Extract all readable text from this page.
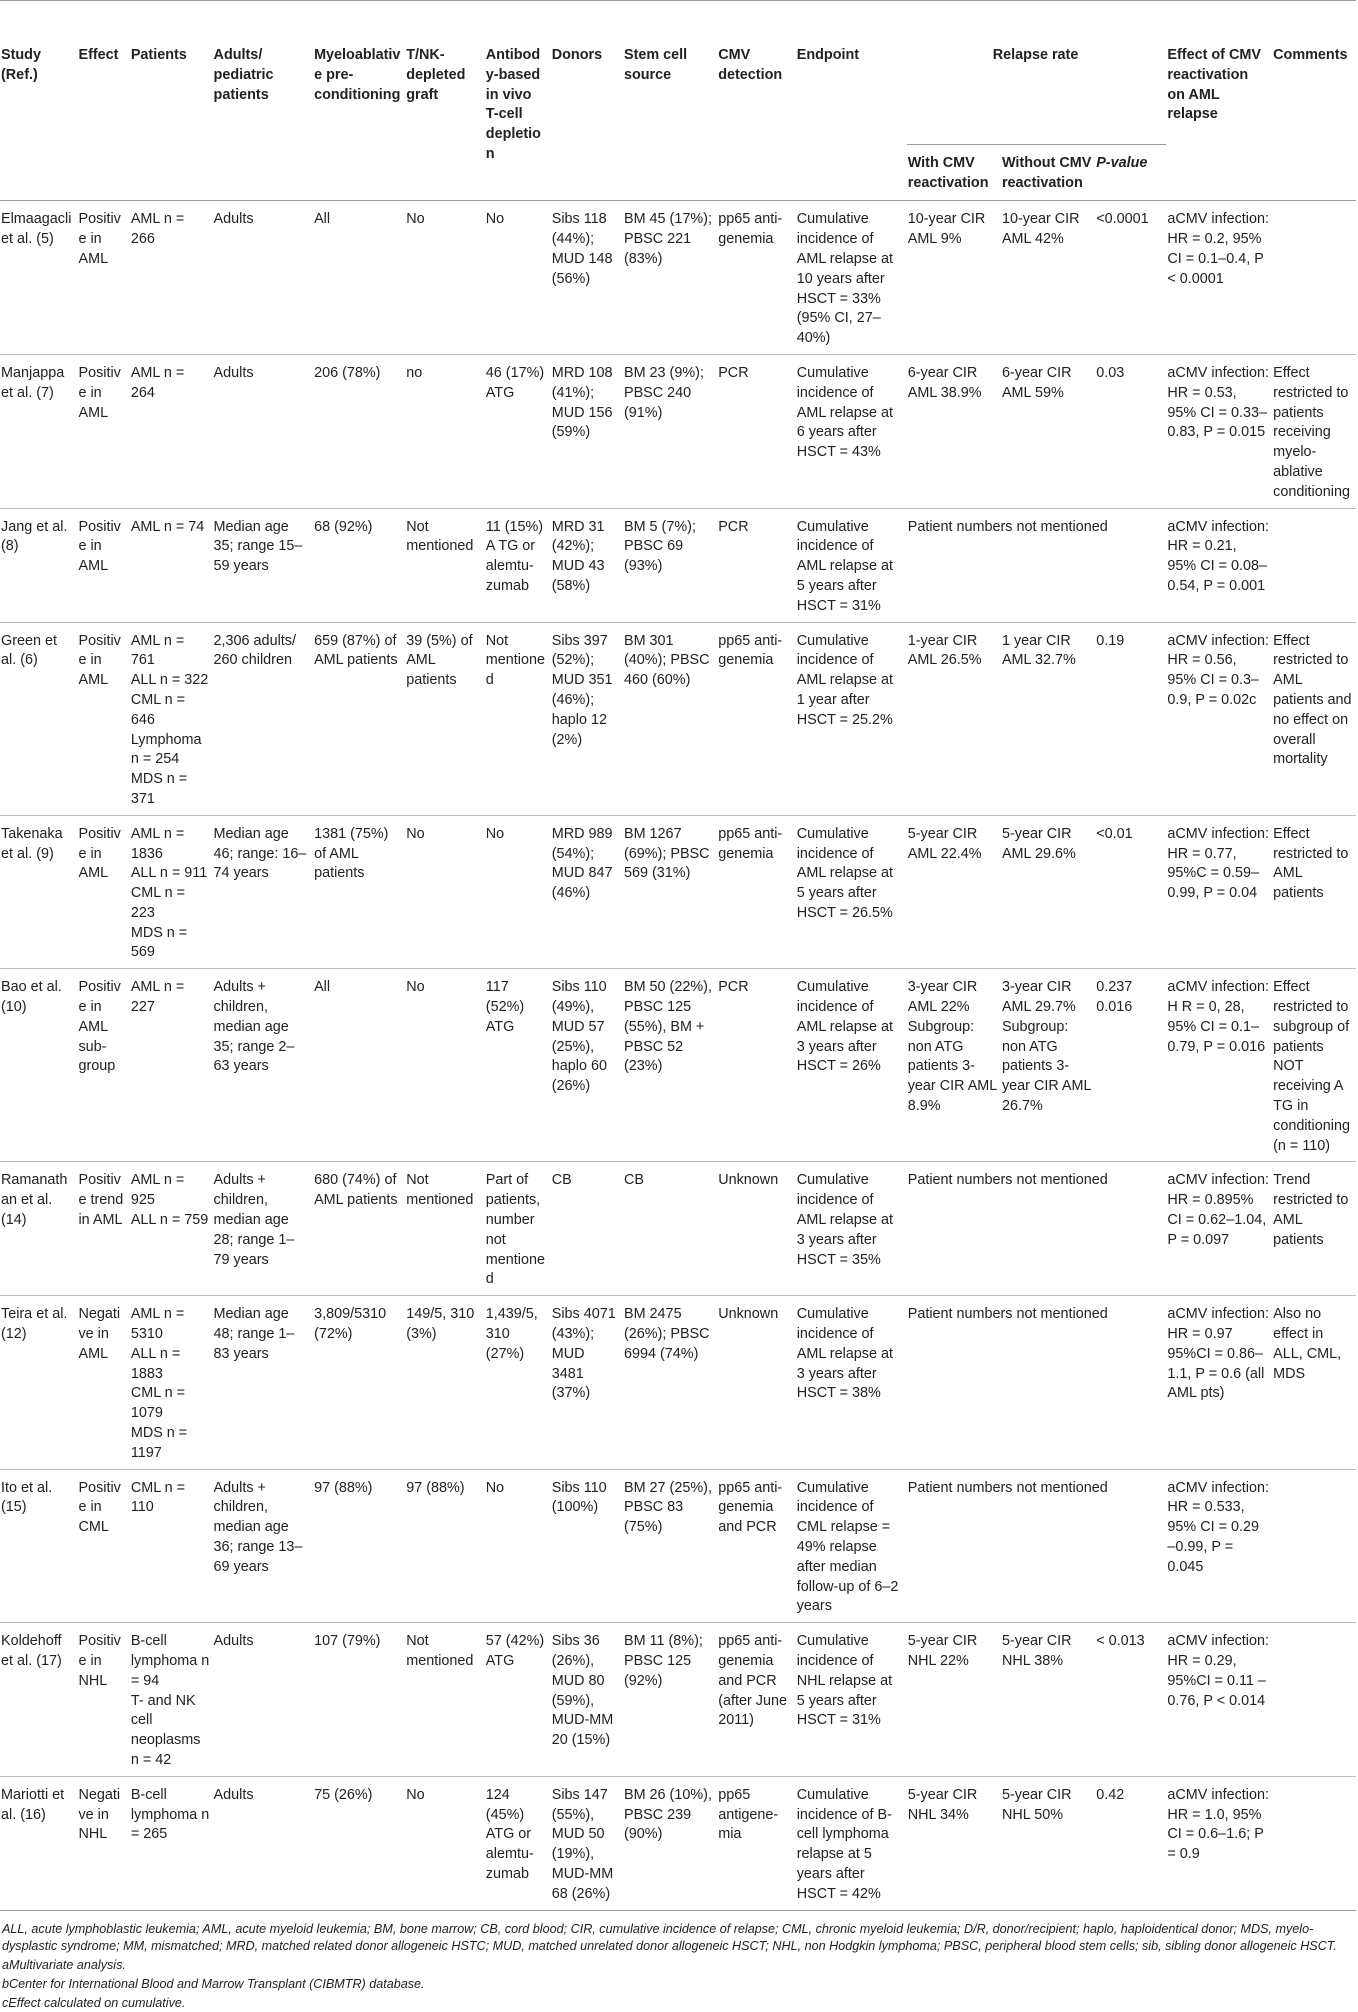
Study (Ref.)	Effect	Patients	Adults/ pediatric patients	Myeloablative pre-conditioning	T/NK-depleted graft	Antibody-based in vivo T-cell depletion	Donors	Stem cell source	CMV detection	Endpoint	Relapse rate			Effect of CMV reactivation on AML relapse	Comments
											With CMV reactivation	Without CMV reactivation	P-value		
Elmaagacli et al. (5)	Positive in AML	AML n = 266	Adults	All	No	No	Sibs 118 (44%); MUD 148 (56%)	BM 45 (17%); PBSC 221 (83%)	pp65 anti-genemia	Cumulative incidence of AML relapse at 10 years after HSCT = 33% (95% CI, 27–40%)	10-year CIR AML 9%	10-year CIR AML 42%	<0.0001	aCMV infection: HR = 0.2, 95% CI = 0.1–0.4, P < 0.0001	
Manjappa et al. (7)	Positive in AML	AML n = 264	Adults	206 (78%)	no	46 (17%) ATG	MRD 108 (41%); MUD 156 (59%)	BM 23 (9%); PBSC 240 (91%)	PCR	Cumulative incidence of AML relapse at 6 years after HSCT = 43%	6-year CIR AML 38.9%	6-year CIR AML 59%	0.03	aCMV infection: HR = 0.53, 95% CI = 0.33–0.83, P = 0.015	Effect restricted to patients receiving myelo-ablative conditioning
Jang et al. (8)	Positive in AML	AML n = 74	Median age 35; range 15–59 years	68 (92%)	Not mentioned	11 (15%) A TG or alemtu-zumab	MRD 31 (42%); MUD 43 (58%)	BM 5 (7%); PBSC 69 (93%)	PCR	Cumulative incidence of AML relapse at 5 years after HSCT = 31%	Patient numbers not mentioned			aCMV infection: HR = 0.21, 95% CI = 0.08–0.54, P = 0.001	
Green et al. (6)	Positive in AML	AML n = 761
ALL n = 322
CML n = 646
Lymphoma n = 254
MDS n = 371	2,306 adults/ 260 children	659 (87%) of AML patients	39 (5%) of AML patients	Not mentioned	Sibs 397 (52%); MUD 351 (46%); haplo 12 (2%)	BM 301 (40%); PBSC 460 (60%)	pp65 anti-genemia	Cumulative incidence of AML relapse at 1 year after HSCT = 25.2%	1-year CIR AML 26.5%	1 year CIR AML 32.7%	0.19	aCMV infection: HR = 0.56, 95% CI = 0.3–0.9, P = 0.02c	Effect restricted to AML patients and no effect on overall mortality
Takenaka et al. (9)	Positive in AML	AML n = 1836
ALL n = 911
CML n = 223
MDS n = 569	Median age 46; range: 16–74 years	1381 (75%) of AML patients	No	No	MRD 989 (54%); MUD 847 (46%)	BM 1267 (69%); PBSC 569 (31%)	pp65 anti-genemia	Cumulative incidence of AML relapse at 5 years after HSCT = 26.5%	5-year CIR AML 22.4%	5-year CIR AML 29.6%	<0.01	aCMV infection: HR = 0.77, 95%C = 0.59–0.99, P = 0.04	Effect restricted to AML patients
Bao et al. (10)	Positive in AML sub-group	AML n = 227	Adults + children, median age 35; range 2–63 years	All	No	117 (52%) ATG	Sibs 110 (49%), MUD 57 (25%), haplo 60 (26%)	BM 50 (22%), PBSC 125 (55%), BM + PBSC 52 (23%)	PCR	Cumulative incidence of AML relapse at 3 years after HSCT = 26%	3-year CIR AML 22% Subgroup: non ATG patients 3-year CIR AML 8.9%	3-year CIR AML 29.7% Subgroup: non ATG patients 3-year CIR AML 26.7%	0.237 0.016	aCMV infection: H R = 0, 28, 95% CI = 0.1–0.79, P = 0.016	Effect restricted to subgroup of patients NOT receiving A TG in conditioning (n = 110)
Ramanathan et al. (14)	Positive trend in AML	AML n = 925
ALL n = 759	Adults + children, median age 28; range 1–79 years	680 (74%) of AML patients	Not mentioned	Part of patients, number not mentioned	CB	CB	Unknown	Cumulative incidence of AML relapse at 3 years after HSCT = 35%	Patient numbers not mentioned			aCMV infection: HR = 0.895% CI = 0.62–1.04, P = 0.097	Trend restricted to AML patients
Teira et al. (12)	Negative in AML	AML n = 5310
ALL n = 1883
CML n = 1079
MDS n = 1197	Median age 48; range 1–83 years	3,809/5310 (72%)	149/5, 310 (3%)	1,439/5, 310 (27%)	Sibs 4071 (43%); MUD 3481 (37%)	BM 2475 (26%); PBSC 6994 (74%)	Unknown	Cumulative incidence of AML relapse at 3 years after HSCT = 38%	Patient numbers not mentioned			aCMV infection: HR = 0.97 95%CI = 0.86–1.1, P = 0.6 (all AML pts)	Also no effect in ALL, CML, MDS
Ito et al. (15)	Positive in CML	CML n = 110	Adults + children, median age 36; range 13–69 years	97 (88%)	97 (88%)	No	Sibs 110 (100%)	BM 27 (25%), PBSC 83 (75%)	pp65 anti-genemia and PCR	Cumulative incidence of CML relapse = 49% relapse after median follow-up of 6–2 years	Patient numbers not mentioned			aCMV infection: HR = 0.533, 95% CI = 0.29 –0.99, P = 0.045	
Koldehoff et al. (17)	Positive in NHL	B-cell lymphoma n = 94
T- and NK cell neoplasms n = 42	Adults	107 (79%)	Not mentioned	57 (42%) ATG	Sibs 36 (26%), MUD 80 (59%), MUD-MM 20 (15%)	BM 11 (8%); PBSC 125 (92%)	pp65 anti-genemia and PCR (after June 2011)	Cumulative incidence of NHL relapse at 5 years after HSCT = 31%	5-year CIR NHL 22%	5-year CIR NHL 38%	< 0.013	aCMV infection: HR = 0.29, 95%CI = 0.11 –0.76, P < 0.014	
Mariotti et al. (16)	Negative in NHL	B-cell lymphoma n = 265	Adults	75 (26%)	No	124 (45%) ATG or alemtu-zumab	Sibs 147 (55%), MUD 50 (19%), MUD-MM 68 (26%)	BM 26 (10%), PBSC 239 (90%)	pp65 antigene-mia	Cumulative incidence of B-cell lymphoma relapse at 5 years after HSCT = 42%	5-year CIR NHL 34%	5-year CIR NHL 50%	0.42	aCMV infection: HR = 1.0, 95% CI = 0.6–1.6; P = 0.9	

ALL, acute lymphoblastic leukemia; AML, acute myeloid leukemia; BM, bone marrow; CB, cord blood; CIR, cumulative incidence of relapse; CML, chronic myeloid leukemia; D/R, donor/recipient; haplo, haploidentical donor; MDS, myelo-dysplastic syndrome; MM, mismatched; MRD, matched related donor allogeneic HSTC; MUD, matched unrelated donor allogeneic HSCT; NHL, non Hodgkin lymphoma; PBSC, peripheral blood stem cells; sib, sibling donor allogeneic HSCT.

aMultivariate analysis.

bCenter for International Blood and Marrow Transplant (CIBMTR) database.

cEffect calculated on cumulative.
